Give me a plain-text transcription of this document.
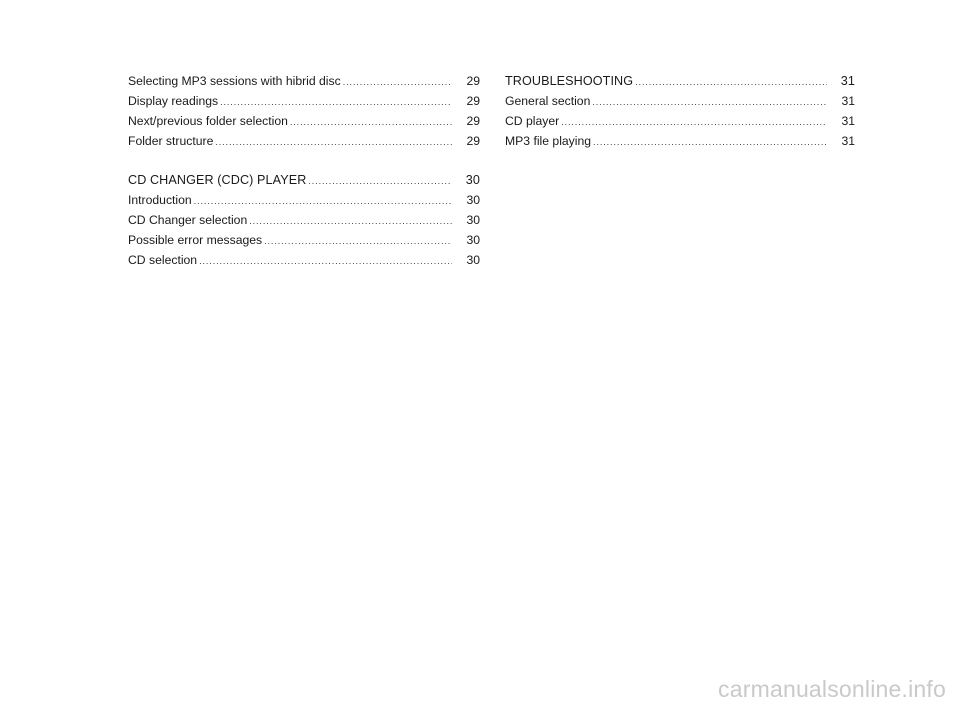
Selecting MP3 sessions with hibrid disc .....	29
Display readings .....	29
Next/previous folder selection .....	29
Folder structure .....	29
CD CHANGER (CDC) PLAYER .....	30
Introduction .....	30
CD Changer selection .....	30
Possible error messages .....	30
CD selection .....	30
TROUBLESHOOTING .....	31
General section .....	31
CD player .....	31
MP3 file playing .....	31
carmanualsonline.info
